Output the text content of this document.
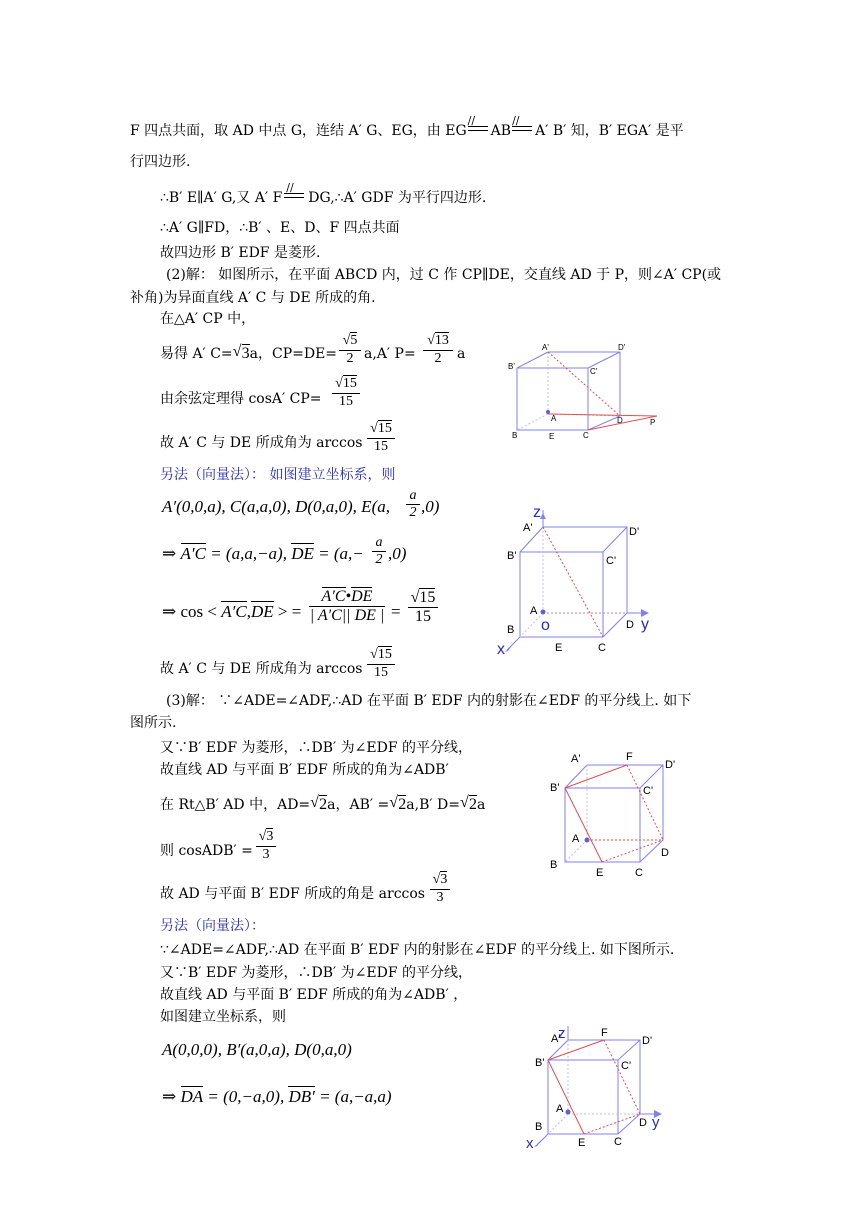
F 四点共面，取 AD 中点 G，连结 A′ G、EG，由 EG
//
AB
//
A′ B′ 知，B′ EGA′ 是平
行四边形.
∴B′ E∥A′ G,又 A′ F
//
DG,∴A′ GDF 为平行四边形.
∴A′ G∥FD，∴B′ 、E、D、F 四点共面
故四边形 B′ EDF 是菱形.
(2)解： 如图所示，在平面 ABCD 内，过 C 作 CP∥DE，交直线 AD 于 P，则∠A′ CP(或
补角)为异面直线 A′ C 与 DE 所成的角.
在△A′ CP 中，
易得 A′ C= √ 3a，$CP=DE= \frac{√5}{2} a,A'$ $P= \frac{√13}{2}$ a
由余弦定理得 cosA′ $CP= \frac{√15}{15}$
故 A′ C 与 DE 所成角为 $\arccos \frac{√15}{15}$
另法（向量法）： 如图建立坐标系，则
A′(0,0,a), C(a,a,0), D(0,a,0), E(a, $\frac{a}{2} ,0$)
⇒ A′C = (a,a,−a), DE = $(a,- \frac{a}{2} ,0)$
⇒ cos < A′C,DE > = $\frac{A'C•DE}{| A'C|| DE |} = \frac{√15}{15}$
故 A′ C 与 DE 所成角为 $\arccos \frac{√15}{15}$
(3)解： ∵∠ADE=∠ADF,∴AD 在平面 B′ EDF 内的射影在∠EDF 的平分线上. 如下
图所示.
又∵B′ EDF 为菱形，∴DB′ 为∠EDF 的平分线，
故直线 AD 与平面 B′ EDF 所成的角为∠ADB′
在 Rt△B′ AD 中，AD= √ 2a，AB′ = √ 2a,B′ D= √ 2a
则 cosADB′ = $\frac{√3}{3}$
故 AD 与平面 B′ EDF 所成的角是 $\arccos \frac{√3}{3}$
另法（向量法）：
∵∠ADE=∠ADF,∴AD 在平面 B′ EDF 内的射影在∠EDF 的平分线上. 如下图所示.
又∵B′ EDF 为菱形，∴DB′ 为∠EDF 的平分线，
故直线 AD 与平面 B′ EDF 所成的角为∠ADB′ ，
如图建立坐标系，则
A(0,0,0), B′(a,0,a), D(0,a,0)
⇒ DA = (0,−a,0), DB′ = (a,−a,a)
A'	D'
B'
C'
A	D	P
B	E	C
z
A'	D'
B'	C'
A
o	D y
B
x	E	C
A'	F
D'
B'	C'
A
D
B
E	C
z
A'	F
D'
B'	C'
A
D y
B
x	E	C
